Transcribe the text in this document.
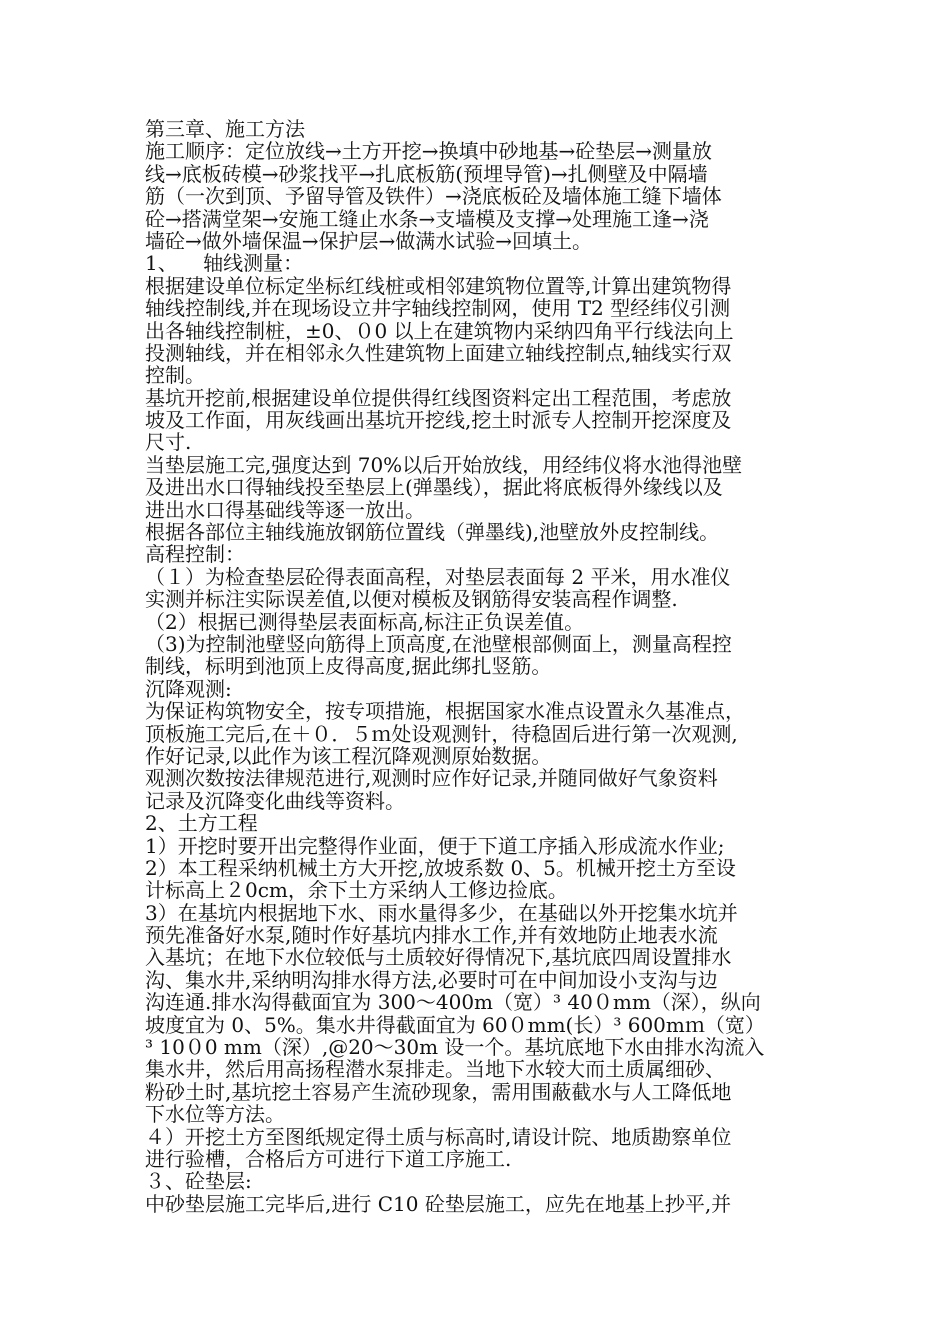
第三章、施工方法
施工顺序：定位放线→土方开挖→换填中砂地基→砼垫层→测量放
线→底板砖模→砂浆找平→扎底板筋(预埋导管)→扎侧壁及中隔墙
筋（一次到顶、予留导管及铁件）→浇底板砼及墙体施工缝下墙体
砼→搭满堂架→安施工缝止水条→支墙模及支撑→处理施工逢→浇
墙砼→做外墙保温→保护层→做满水试验→回填土。
1、    轴线测量：
根据建设单位标定坐标红线桩或相邻建筑物位置等,计算出建筑物得
轴线控制线,并在现场设立井字轴线控制网，使用 T2 型经纬仪引测
出各轴线控制桩，±0、０0 以上在建筑物内采纳四角平行线法向上
投测轴线，并在相邻永久性建筑物上面建立轴线控制点,轴线实行双
控制。
基坑开挖前,根据建设单位提供得红线图资料定出工程范围，考虑放
坡及工作面，用灰线画出基坑开挖线,挖土时派专人控制开挖深度及
尺寸.
当垫层施工完,强度达到 70%以后开始放线，用经纬仪将水池得池壁
及进出水口得轴线投至垫层上(弹墨线），据此将底板得外缘线以及
进出水口得基础线等逐一放出。
根据各部位主轴线施放钢筋位置线（弹墨线),池壁放外皮控制线。
高程控制：
（１）为检查垫层砼得表面高程，对垫层表面每 2 平米，用水准仪
实测并标注实际误差值,以便对模板及钢筋得安装高程作调整.
（2）根据已测得垫层表面标高,标注正负误差值。
（3)为控制池壁竖向筋得上顶高度,在池壁根部侧面上，测量高程控
制线，标明到池顶上皮得高度,据此绑扎竖筋。
沉降观测:
为保证构筑物安全，按专项措施，根据国家水准点设置永久基准点，
顶板施工完后,在＋０．５ｍ处设观测针，待稳固后进行第一次观测,
作好记录,以此作为该工程沉降观测原始数据。
观测次数按法律规范进行,观测时应作好记录,并随同做好气象资料
记录及沉降变化曲线等资料。
2、土方工程
1）开挖时要开出完整得作业面，便于下道工序插入形成流水作业;
2）本工程采纳机械土方大开挖,放坡系数 0、5。机械开挖土方至设
计标高上２0cm，余下土方采纳人工修边捡底。
3）在基坑内根据地下水、雨水量得多少，在基础以外开挖集水坑并
预先准备好水泵,随时作好基坑内排水工作,并有效地防止地表水流
入基坑；在地下水位较低与土质较好得情况下,基坑底四周设置排水
沟、集水井,采纳明沟排水得方法,必要时可在中间加设小支沟与边
沟连通.排水沟得截面宜为 300～400m（宽）³ 40０mm（深），纵向
坡度宜为 0、5%。集水井得截面宜为 60０mm(长）³ 600mｍ（宽）
³ 10０0 mm（深）,@20～30m 设一个。基坑底地下水由排水沟流入
集水井，然后用高扬程潜水泵排走。当地下水较大而土质属细砂、
粉砂土时,基坑挖土容易产生流砂现象，需用围蔽截水与人工降低地
下水位等方法。
４）开挖土方至图纸规定得土质与标高时,请设计院、地质勘察单位
进行验槽，合格后方可进行下道工序施工.
３、砼垫层:
中砂垫层施工完毕后,进行 C10 砼垫层施工，应先在地基上抄平,并
